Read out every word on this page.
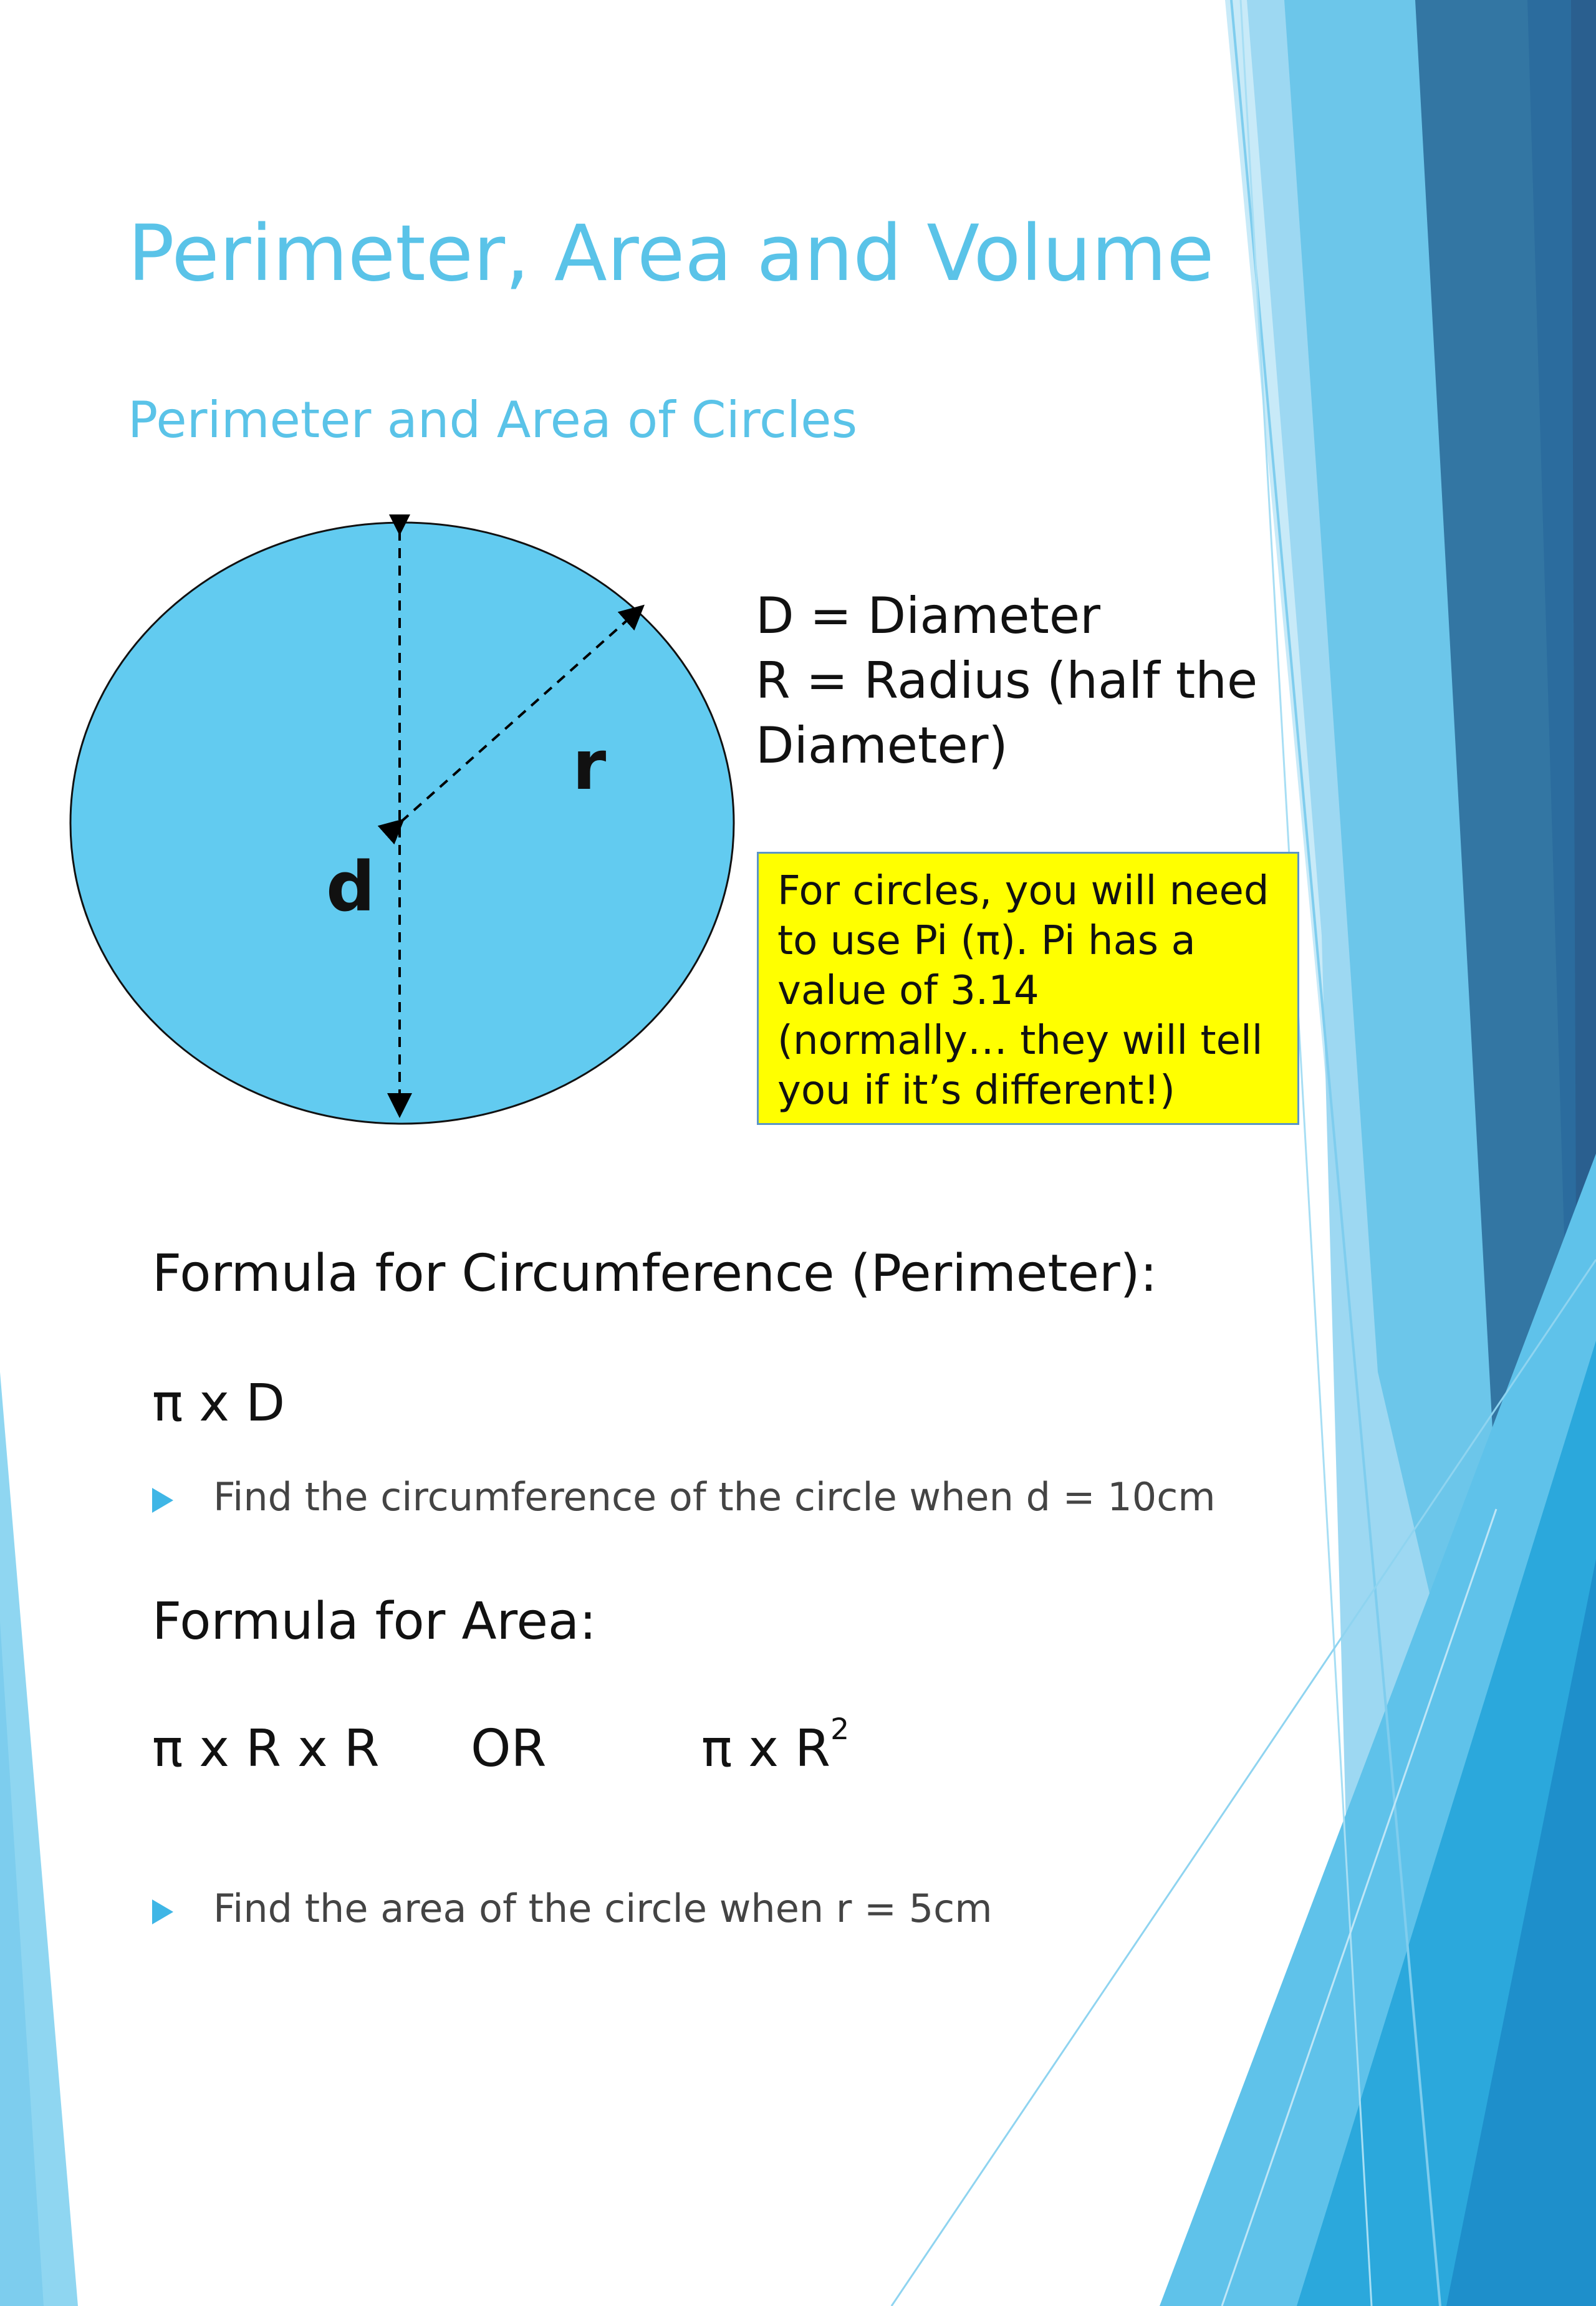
Perimeter, Area and Volume
Perimeter and Area of Circles
d
r
D = Diameter
R = Radius (half the
Diameter)
For circles, you will need to use Pi (π). Pi has a value of 3.14 (normally… they will tell you if it’s different!)
Formula for Circumference (Perimeter):
π x D
Find the circumference of the circle when d = 10cm
Formula for Area:
π x R x R OR	π x $R^2$
Find the area of the circle when r = 5cm
